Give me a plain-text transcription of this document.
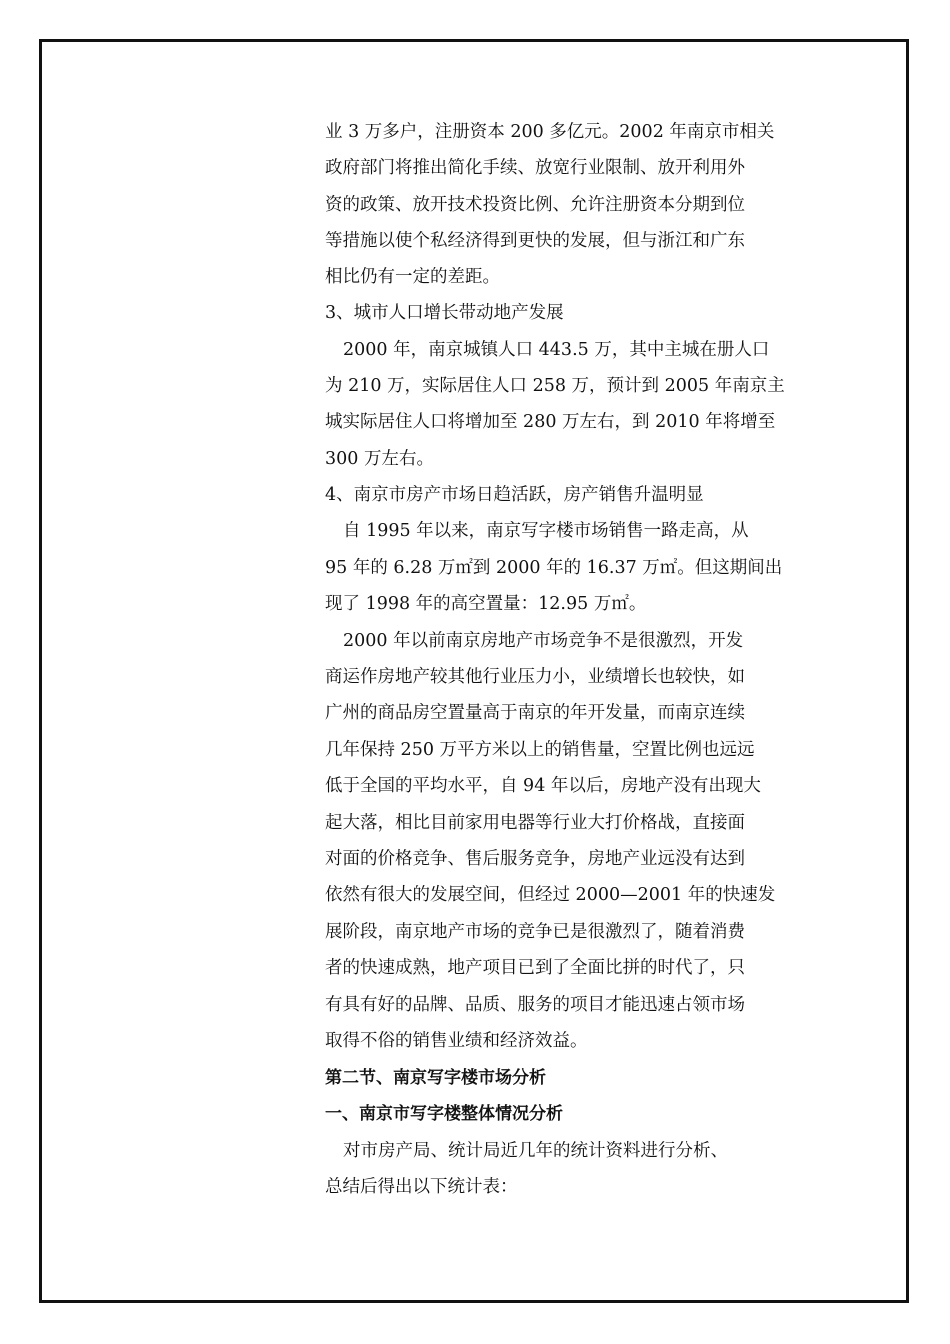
业 3 万多户，注册资本 200 多亿元。2002 年南京市相关
政府部门将推出简化手续、放宽行业限制、放开利用外
资的政策、放开技术投资比例、允许注册资本分期到位
等措施以使个私经济得到更快的发展，但与浙江和广东
相比仍有一定的差距。
3、城市人口增长带动地产发展
2000 年，南京城镇人口 443.5 万，其中主城在册人口
为 210 万，实际居住人口 258 万，预计到 2005 年南京主
城实际居住人口将增加至 280 万左右，到 2010 年将增至
300 万左右。
4、南京市房产市场日趋活跃，房产销售升温明显
自 1995 年以来，南京写字楼市场销售一路走高，从
95 年的 6.28 万㎡到 2000 年的 16.37 万㎡。但这期间出
现了 1998 年的高空置量：12.95 万㎡。
2000 年以前南京房地产市场竞争不是很激烈，开发
商运作房地产较其他行业压力小，业绩增长也较快，如
广州的商品房空置量高于南京的年开发量，而南京连续
几年保持 250 万平方米以上的销售量，空置比例也远远
低于全国的平均水平，自 94 年以后，房地产没有出现大
起大落，相比目前家用电器等行业大打价格战，直接面
对面的价格竞争、售后服务竞争，房地产业远没有达到
依然有很大的发展空间，但经过 2000—2001 年的快速发
展阶段，南京地产市场的竞争已是很激烈了，随着消费
者的快速成熟，地产项目已到了全面比拼的时代了，只
有具有好的品牌、品质、服务的项目才能迅速占领市场
取得不俗的销售业绩和经济效益。
第二节、南京写字楼市场分析
一、南京市写字楼整体情况分析
对市房产局、统计局近几年的统计资料进行分析、
总结后得出以下统计表：
